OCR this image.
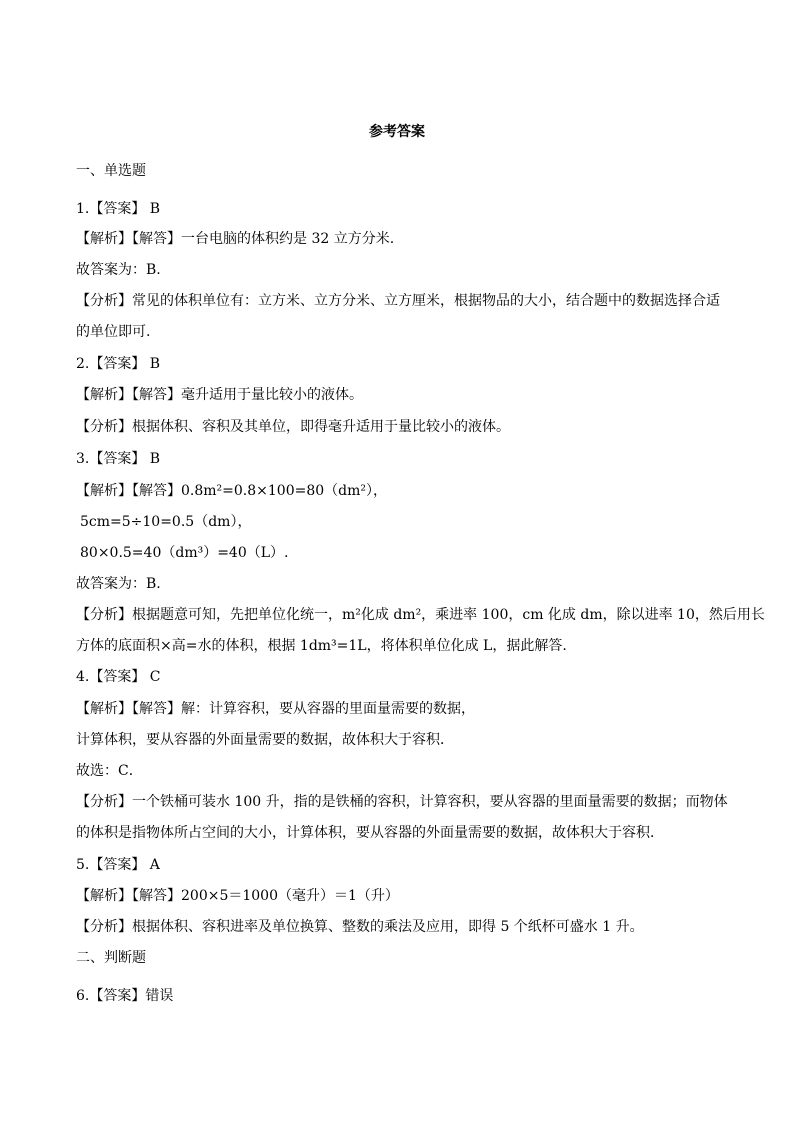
参考答案
一、单选题
1.【答案】 B
【解析】【解答】一台电脑的体积约是 32 立方分米.
故答案为：B.
【分析】常见的体积单位有：立方米、立方分米、立方厘米，根据物品的大小，结合题中的数据选择合适
的单位即可.
2.【答案】 B
【解析】【解答】毫升适用于量比较小的液体。
【分析】根据体积、容积及其单位，即得毫升适用于量比较小的液体。
3.【答案】 B
【解析】【解答】0.8m²=0.8×100=80（dm²），
5cm=5÷10=0.5（dm），
80×0.5=40（dm³）=40（L）.
故答案为：B.
【分析】根据题意可知，先把单位化统一，m²化成 dm²，乘进率 100，cm 化成 dm，除以进率 10，然后用长
方体的底面积×高=水的体积，根据 1dm³=1L，将体积单位化成 L，据此解答.
4.【答案】 C
【解析】【解答】解：计算容积，要从容器的里面量需要的数据，
计算体积，要从容器的外面量需要的数据，故体积大于容积．
故选：C．
【分析】一个铁桶可装水 100 升，指的是铁桶的容积，计算容积，要从容器的里面量需要的数据；而物体
的体积是指物体所占空间的大小，计算体积，要从容器的外面量需要的数据，故体积大于容积．
5.【答案】 A
【解析】【解答】200×5＝1000（毫升）＝1（升）
【分析】根据体积、容积进率及单位换算、整数的乘法及应用，即得 5 个纸杯可盛水 1 升。
二、判断题
6.【答案】错误
